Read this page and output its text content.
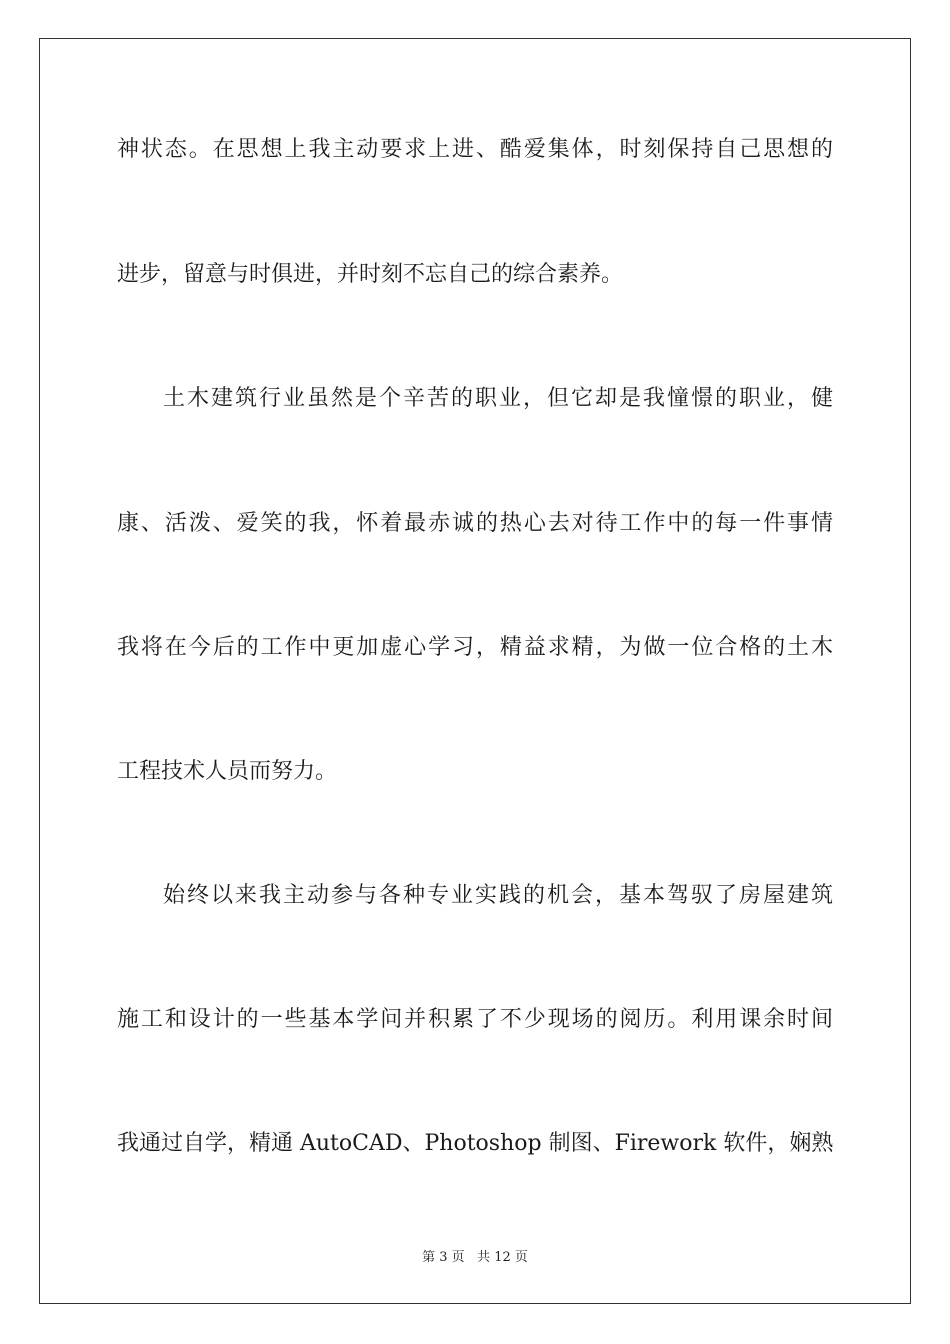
神状态。在思想上我主动要求上进、酷爱集体，时刻保持自己思想的
进步，留意与时俱进，并时刻不忘自己的综合素养。
土木建筑行业虽然是个辛苦的职业，但它却是我憧憬的职业，健
康、活泼、爱笑的我，怀着最赤诚的热心去对待工作中的每一件事情
我将在今后的工作中更加虚心学习，精益求精，为做一位合格的土木
工程技术人员而努力。
始终以来我主动参与各种专业实践的机会，基本驾驭了房屋建筑
施工和设计的一些基本学问并积累了不少现场的阅历。利用课余时间
我通过自学，精通 AutoCAD、Photoshop 制图、Firework 软件，娴熟
第 3 页   共 12 页
